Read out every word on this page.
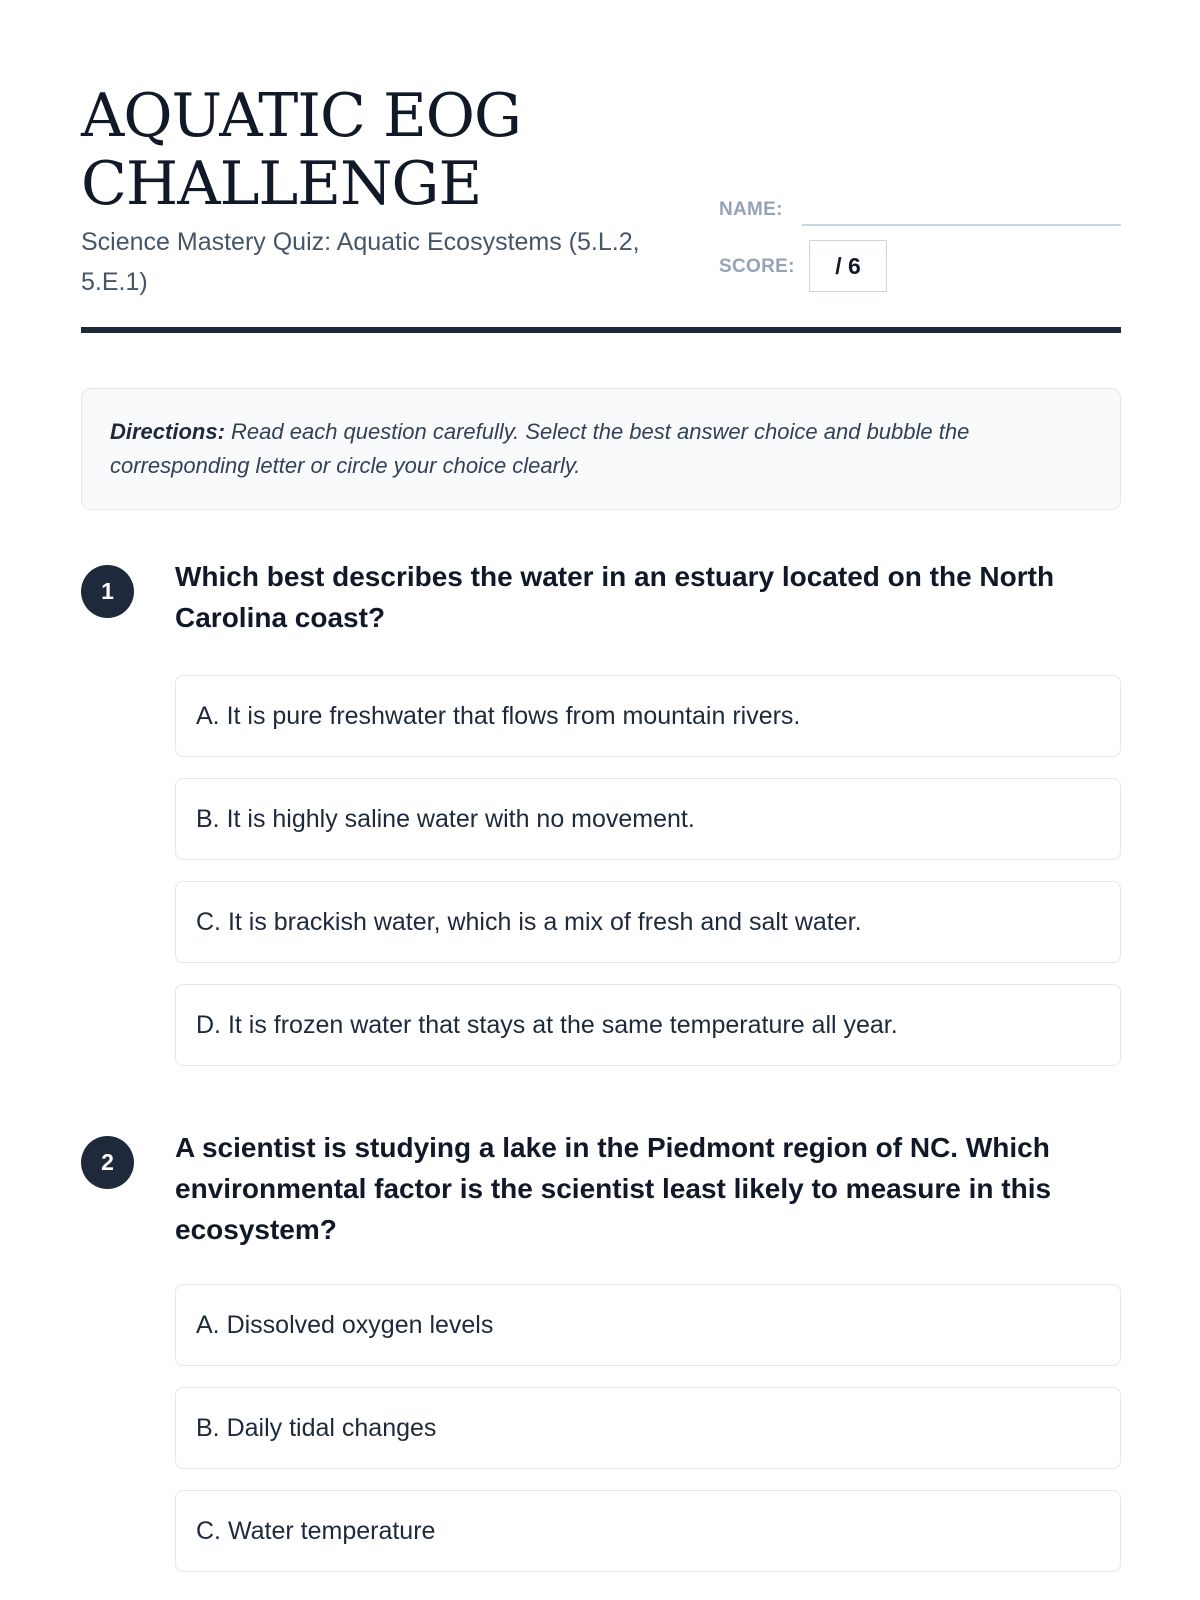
AQUATIC EOG
CHALLENGE

Science Mastery Quiz: Aquatic Ecosystems (5.L.2,
5.E.1)

NAME:
SCORE:	/ 6
Directions: Read each question carefully. Select the best answer choice and bubble the corresponding letter or circle your choice clearly.
1	Which best describes the water in an estuary located on the North Carolina coast?

A. It is pure freshwater that flows from mountain rivers.
B. It is highly saline water with no movement.
C. It is brackish water, which is a mix of fresh and salt water.
D. It is frozen water that stays at the same temperature all year.
2	A scientist is studying a lake in the Piedmont region of NC. Which environmental factor is the scientist least likely to measure in this ecosystem?

A. Dissolved oxygen levels
B. Daily tidal changes
C. Water temperature
